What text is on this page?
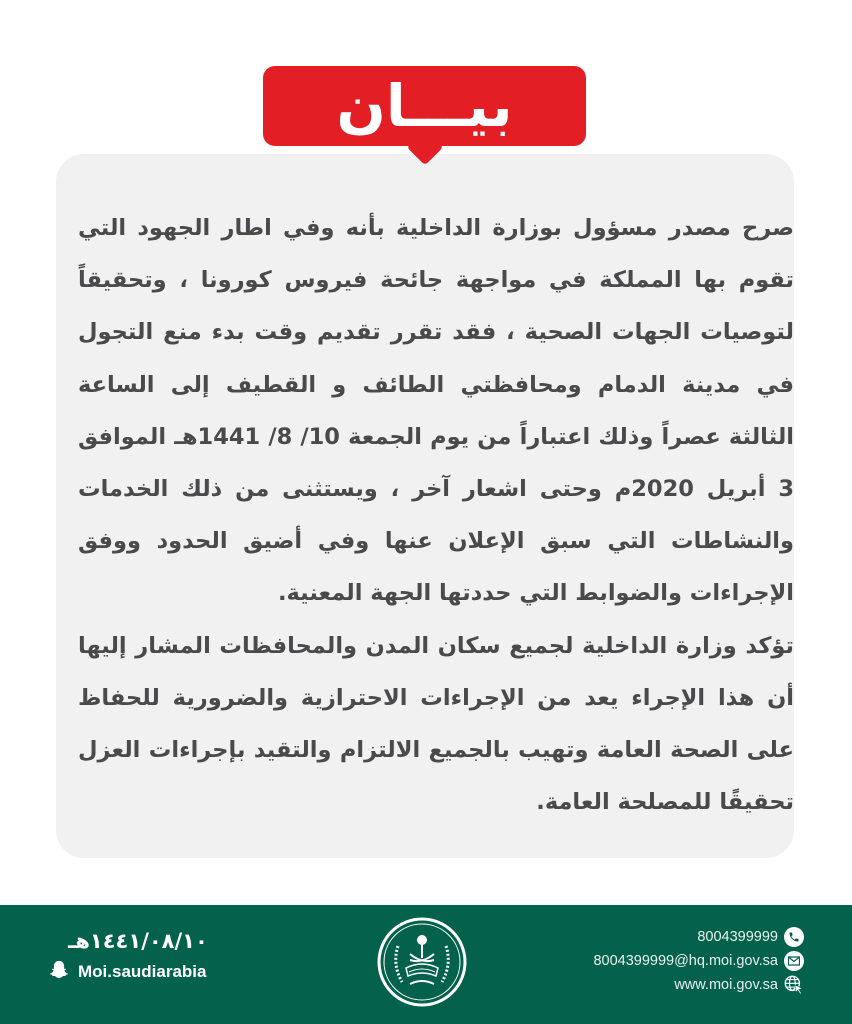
بيـــان

صرح مصدر مسؤول بوزارة الداخلية بأنه وفي اطار الجهود التي تقوم بها المملكة في مواجهة جائحة فيروس كورونا ، وتحقيقاً لتوصيات الجهات الصحية ، فقد تقرر تقديم وقت بدء منع التجول في مدينة الدمام ومحافظتي الطائف و القطيف إلى الساعة الثالثة عصراً وذلك اعتباراً من يوم الجمعة 10/ 8/ 1441هـ الموافق 3 أبريل 2020م وحتى اشعار آخر ، ويستثنى من ذلك الخدمات والنشاطات التي سبق الإعلان عنها وفي أضيق الحدود ووفق الإجراءات والضوابط التي حددتها الجهة المعنية.

تؤكد وزارة الداخلية لجميع سكان المدن والمحافظات المشار إليها أن هذا الإجراء يعد من الإجراءات الاحترازية والضرورية للحفاظ على الصحة العامة وتهيب بالجميع الالتزام والتقيد بإجراءات العزل تحقيقًا للمصلحة العامة.

١٤٤١/٠٨/١٠هـ
Moi.saudiarabia
8004399999
8004399999@hq.moi.gov.sa
www.moi.gov.sa
